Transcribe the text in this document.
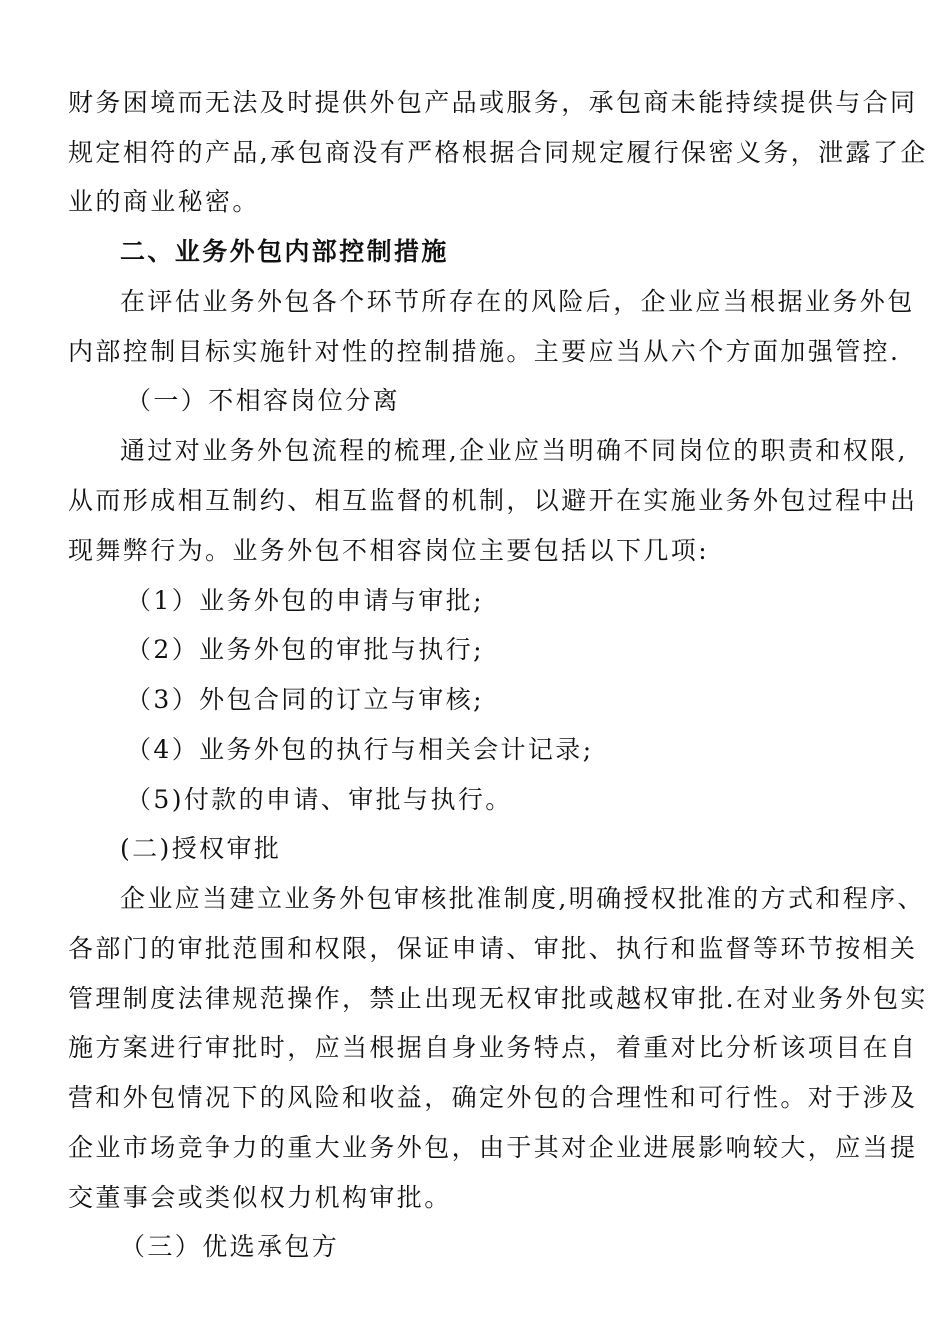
财务困境而无法及时提供外包产品或服务，承包商未能持续提供与合同
规定相符的产品,承包商没有严格根据合同规定履行保密义务，泄露了企
业的商业秘密。
二、业务外包内部控制措施
在评估业务外包各个环节所存在的风险后，企业应当根据业务外包
内部控制目标实施针对性的控制措施。主要应当从六个方面加强管控.
（一）不相容岗位分离
通过对业务外包流程的梳理,企业应当明确不同岗位的职责和权限,
从而形成相互制约、相互监督的机制，以避开在实施业务外包过程中出
现舞弊行为。业务外包不相容岗位主要包括以下几项:
（1）业务外包的申请与审批;
（2）业务外包的审批与执行;
（3）外包合同的订立与审核;
（4）业务外包的执行与相关会计记录;
（5)付款的申请、审批与执行。
(二)授权审批
企业应当建立业务外包审核批准制度,明确授权批准的方式和程序、
各部门的审批范围和权限，保证申请、审批、执行和监督等环节按相关
管理制度法律规范操作，禁止出现无权审批或越权审批.在对业务外包实
施方案进行审批时，应当根据自身业务特点，着重对比分析该项目在自
营和外包情况下的风险和收益，确定外包的合理性和可行性。对于涉及
企业市场竞争力的重大业务外包，由于其对企业进展影响较大，应当提
交董事会或类似权力机构审批。
（三）优选承包方
